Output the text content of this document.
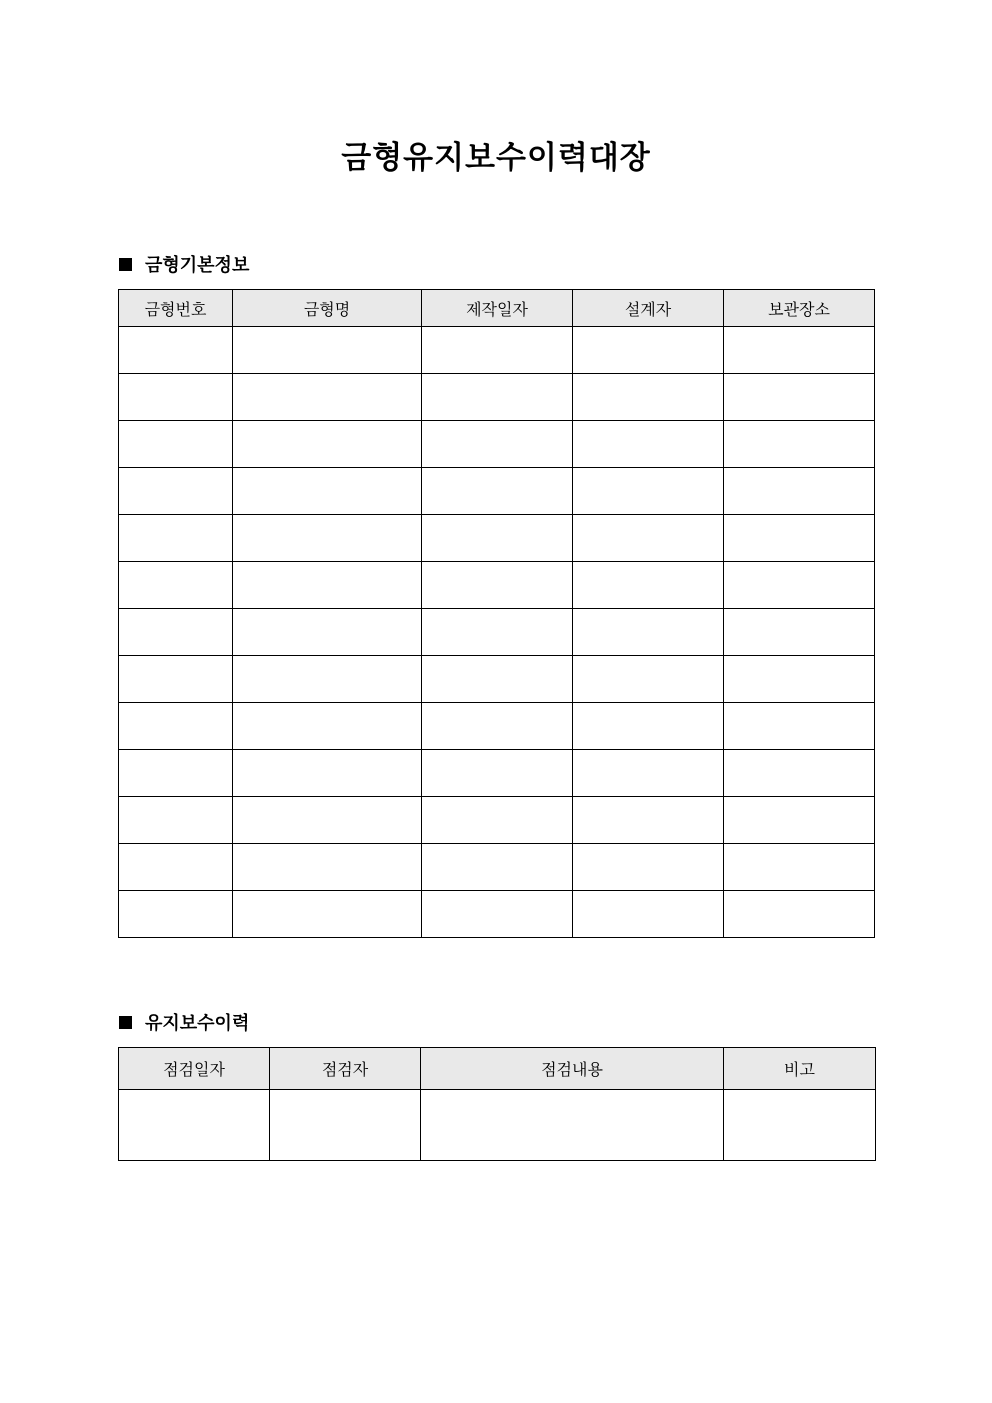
금형유지보수이력대장
금형기본정보
금형번호	금형명	제작일자	설계자	보관장소

유지보수이력
점검일자	점검자	점검내용	비고
